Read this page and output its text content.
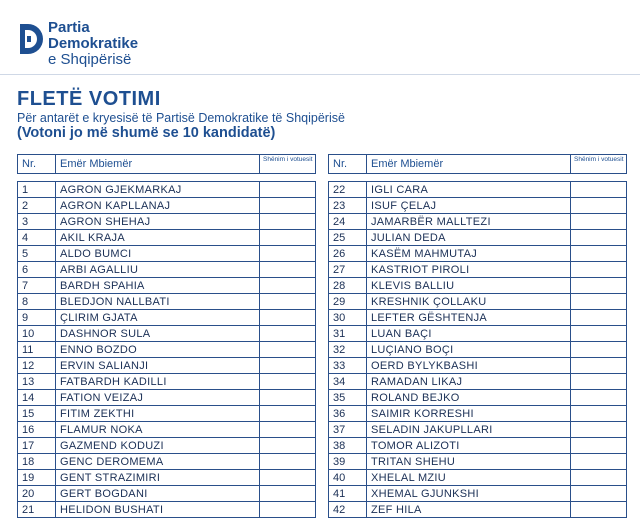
Partia
Demokratike
e Shqipërisë
FLETË VOTIMI
Për antarët e kryesisë të Partisë Demokratike të Shqipërisë
(Votoni jo më shumë se 10 kandidatë)
Nr.	Emër Mbiemër	Shënim i votuesit

1	AGRON GJEKMARKAJ	
2	AGRON KAPLLANAJ	
3	AGRON SHEHAJ	
4	AKIL KRAJA	
5	ALDO BUMCI	
6	ARBI AGALLIU	
7	BARDH SPAHIA	
8	BLEDJON NALLBATI	
9	ÇLIRIM GJATA	
10	DASHNOR SULA	
11	ENNO BOZDO	
12	ERVIN SALIANJI	
13	FATBARDH KADILLI	
14	FATION VEIZAJ	
15	FITIM ZEKTHI	
16	FLAMUR NOKA	
17	GAZMEND KODUZI	
18	GENC DEROMEMA	
19	GENT STRAZIMIRI	
20	GERT BOGDANI	
21	HELIDON BUSHATI	
Nr.	Emër Mbiemër	Shënim i votuesit

22	IGLI CARA	
23	ISUF ÇELAJ	
24	JAMARBËR MALLTEZI	
25	JULIAN DEDA	
26	KASËM MAHMUTAJ	
27	KASTRIOT PIROLI	
28	KLEVIS BALLIU	
29	KRESHNIK ÇOLLAKU	
30	LEFTER GËSHTENJA	
31	LUAN BAÇI	
32	LUÇIANO BOÇI	
33	OERD BYLYKBASHI	
34	RAMADAN LIKAJ	
35	ROLAND BEJKO	
36	SAIMIR KORRESHI	
37	SELADIN JAKUPLLARI	
38	TOMOR ALIZOTI	
39	TRITAN SHEHU	
40	XHELAL MZIU	
41	XHEMAL GJUNKSHI	
42	ZEF HILA	
